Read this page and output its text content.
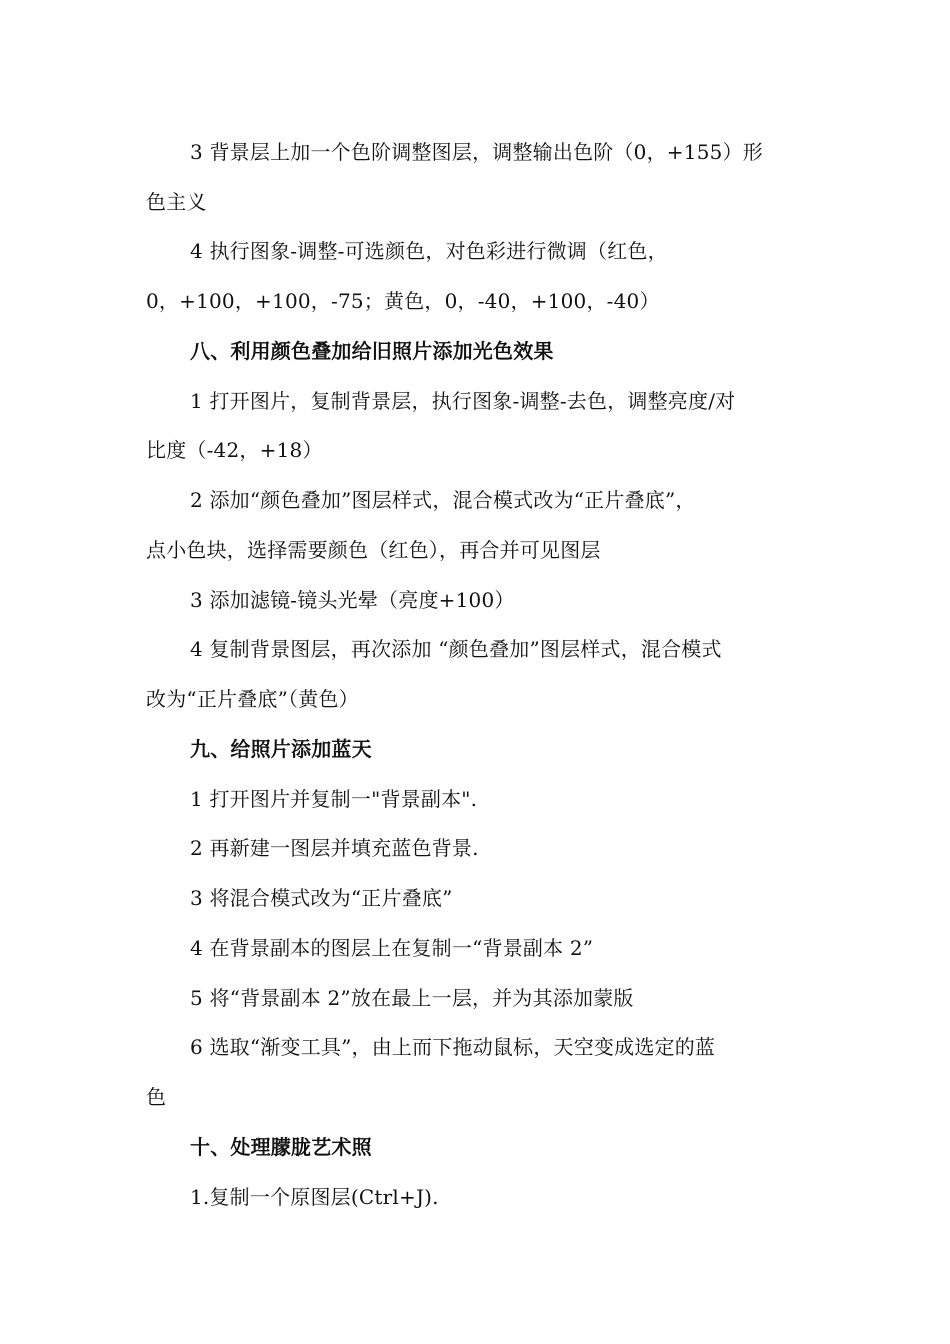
3 背景层上加一个色阶调整图层，调整输出色阶（0，+155）形
色主义
4 执行图象-调整-可选颜色，对色彩进行微调（红色，
0，+100，+100，-75；黄色，0，-40，+100，-40）
八、利用颜色叠加给旧照片添加光色效果
1 打开图片，复制背景层，执行图象-调整-去色，调整亮度/对
比度（-42，+18）
2 添加“颜色叠加”图层样式，混合模式改为“正片叠底”，
点小色块，选择需要颜色（红色），再合并可见图层
3 添加滤镜-镜头光晕（亮度+100）
4 复制背景图层，再次添加 “颜色叠加”图层样式，混合模式
改为“正片叠底”（黄色）
九、给照片添加蓝天
1 打开图片并复制一"背景副本".
2 再新建一图层并填充蓝色背景.
3 将混合模式改为“正片叠底”
4 在背景副本的图层上在复制一“背景副本 2”
5 将“背景副本 2”放在最上一层，并为其添加蒙版
6 选取“渐变工具”，由上而下拖动鼠标，天空变成选定的蓝
色
十、处理朦胧艺术照
1.复制一个原图层(Ctrl+J).
